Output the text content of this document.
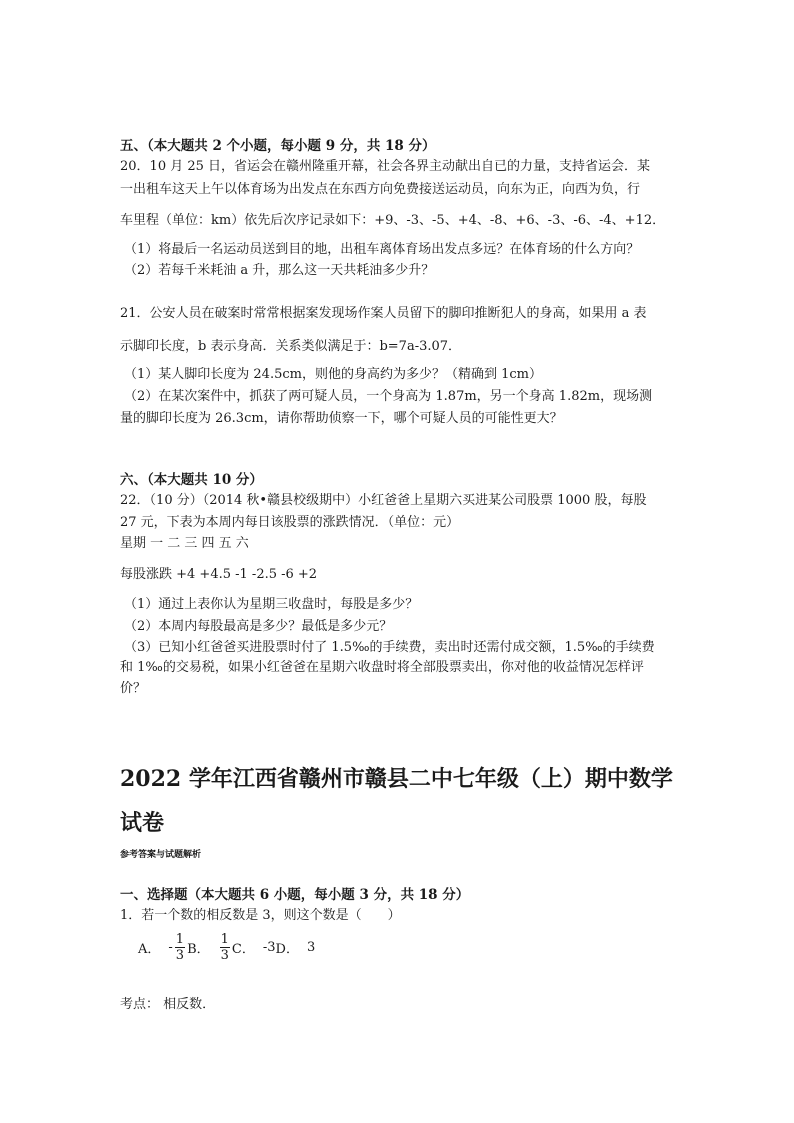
五、（本大题共 2 个小题，每小题 9 分，共 18 分）
20．10 月 25 日，省运会在赣州隆重开幕，社会各界主动献出自已的力量，支持省运会．某
一出租车这天上午以体育场为出发点在东西方向免费接送运动员，向东为正，向西为负，行
车里程（单位：km）依先后次序记录如下：+9、-3、-5、+4、-8、+6、-3、-6、-4、+12．
（1）将最后一名运动员送到目的地，出租车离体育场出发点多远？在体育场的什么方向？
（2）若每千米耗油 a 升，那么这一天共耗油多少升？
21．公安人员在破案时常常根据案发现场作案人员留下的脚印推断犯人的身高，如果用 a 表
示脚印长度，b 表示身高．关系类似满足于：b=7a-3.07．
（1）某人脚印长度为 24.5cm，则他的身高约为多少？（精确到 1cm）
（2）在某次案件中，抓获了两可疑人员，一个身高为 1.87m，另一个身高 1.82m，现场测
量的脚印长度为 26.3cm，请你帮助侦察一下，哪个可疑人员的可能性更大？
六、（本大题共 10 分）
22．（10 分）（2014 秋•赣县校级期中）小红爸爸上星期六买进某公司股票 1000 股，每股
27 元，下表为本周内每日该股票的涨跌情况．（单位：元）
星期 一 二 三 四 五 六
每股涨跌 +4 +4.5 -1 -2.5 -6 +2
（1）通过上表你认为星期三收盘时，每股是多少？
（2）本周内每股最高是多少？最低是多少元？
（3）已知小红爸爸买进股票时付了 1.5‰的手续费，卖出时还需付成交额，1.5‰的手续费
和 1‰的交易税，如果小红爸爸在星期六收盘时将全部股票卖出，你对他的收益情况怎样评
价？
2022 学年江西省赣州市赣县二中七年级（上）期中数学
试卷
参考答案与试题解析
一、选择题（本大题共 6 小题，每小题 3 分，共 18 分）
1．若一个数的相反数是 3，则这个数是（　　）
A． - $\frac{1}{3}$ B． $\frac{1}{3}$ C． -3 D． 3
考点： 相反数．
